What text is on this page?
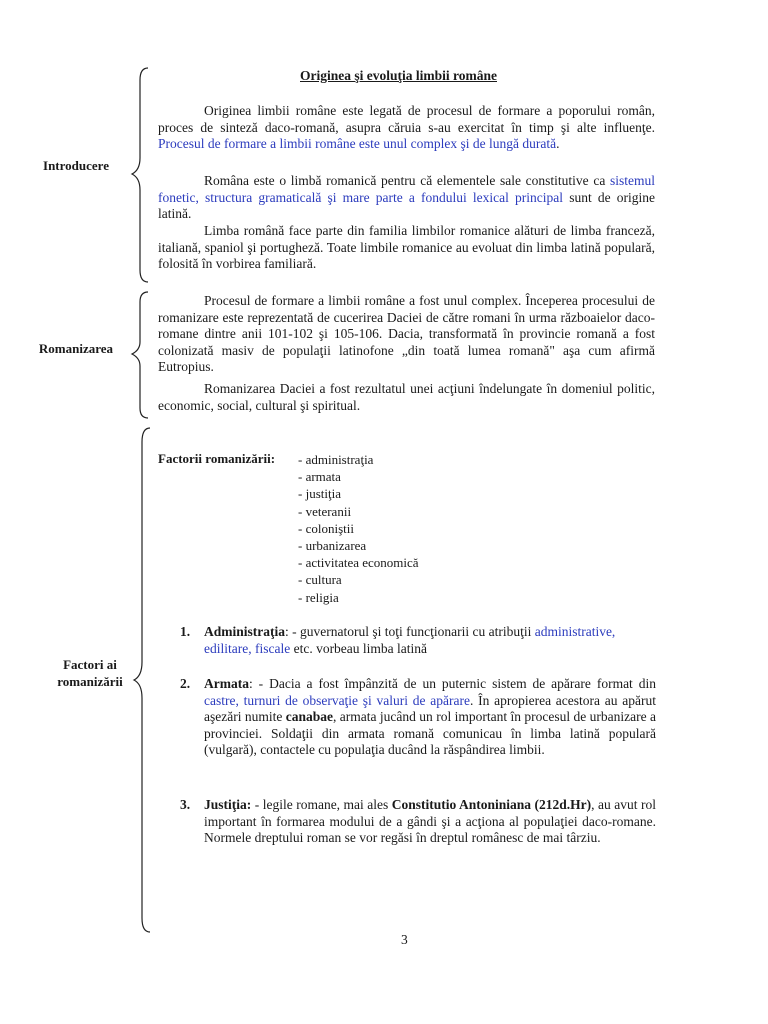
Introducere
Romanizarea
Factori ai
romanizării
Originea şi evoluţia limbii române

Originea limbii române este legată de procesul de formare a poporului român, proces de sinteză daco-romană, asupra căruia s-au exercitat în timp şi alte influenţe. Procesul de formare a limbii române este unul complex şi de lungă durată.

Româna este o limbă romanică pentru că elementele sale constitutive ca sistemul fonetic, structura gramaticală şi mare parte a fondului lexical principal sunt de origine latină.

Limba română face parte din familia limbilor romanice alături de limba franceză, italiană, spaniol şi portugheză. Toate limbile romanice au evoluat din limba latină populară, folosită în vorbirea familiară.

Procesul de formare a limbii române a fost unul complex. Începerea procesului de romanizare este reprezentată de cucerirea Daciei de către romani în urma războaielor daco-romane dintre anii 101-102 şi 105-106. Dacia, transformată în provincie romană a fost colonizată masiv de populaţii latinofone „din toată lumea romană" aşa cum afirmă Eutropius.

Romanizarea Daciei a fost rezultatul unei acţiuni îndelungate în domeniul politic, economic, social, cultural şi spiritual.

Factorii romanizării: - administraţia
- armata
- justiţia
- veteranii
- coloniştii
- urbanizarea
- activitatea economică
- cultura
- religia
1. Administraţia: - guvernatorul şi toţi funcţionarii cu atribuţii administrative, edilitare, fiscale etc. vorbeau limba latină
2. Armata: - Dacia a fost împânzită de un puternic sistem de apărare format din castre, turnuri de observaţie şi valuri de apărare. În apropierea acestora au apărut aşezări numite canabae, armata jucând un rol important în procesul de urbanizare a provinciei. Soldaţii din armata romană comunicau în limba latină populară (vulgară), contactele cu populaţia ducând la răspândirea limbii.
3. Justiţia: - legile romane, mai ales Constitutio Antoniniana (212d.Hr), au avut rol important în formarea modului de a gândi şi a acţiona al populaţiei daco-romane. Normele dreptului roman se vor regăsi în dreptul românesc de mai târziu.
3
